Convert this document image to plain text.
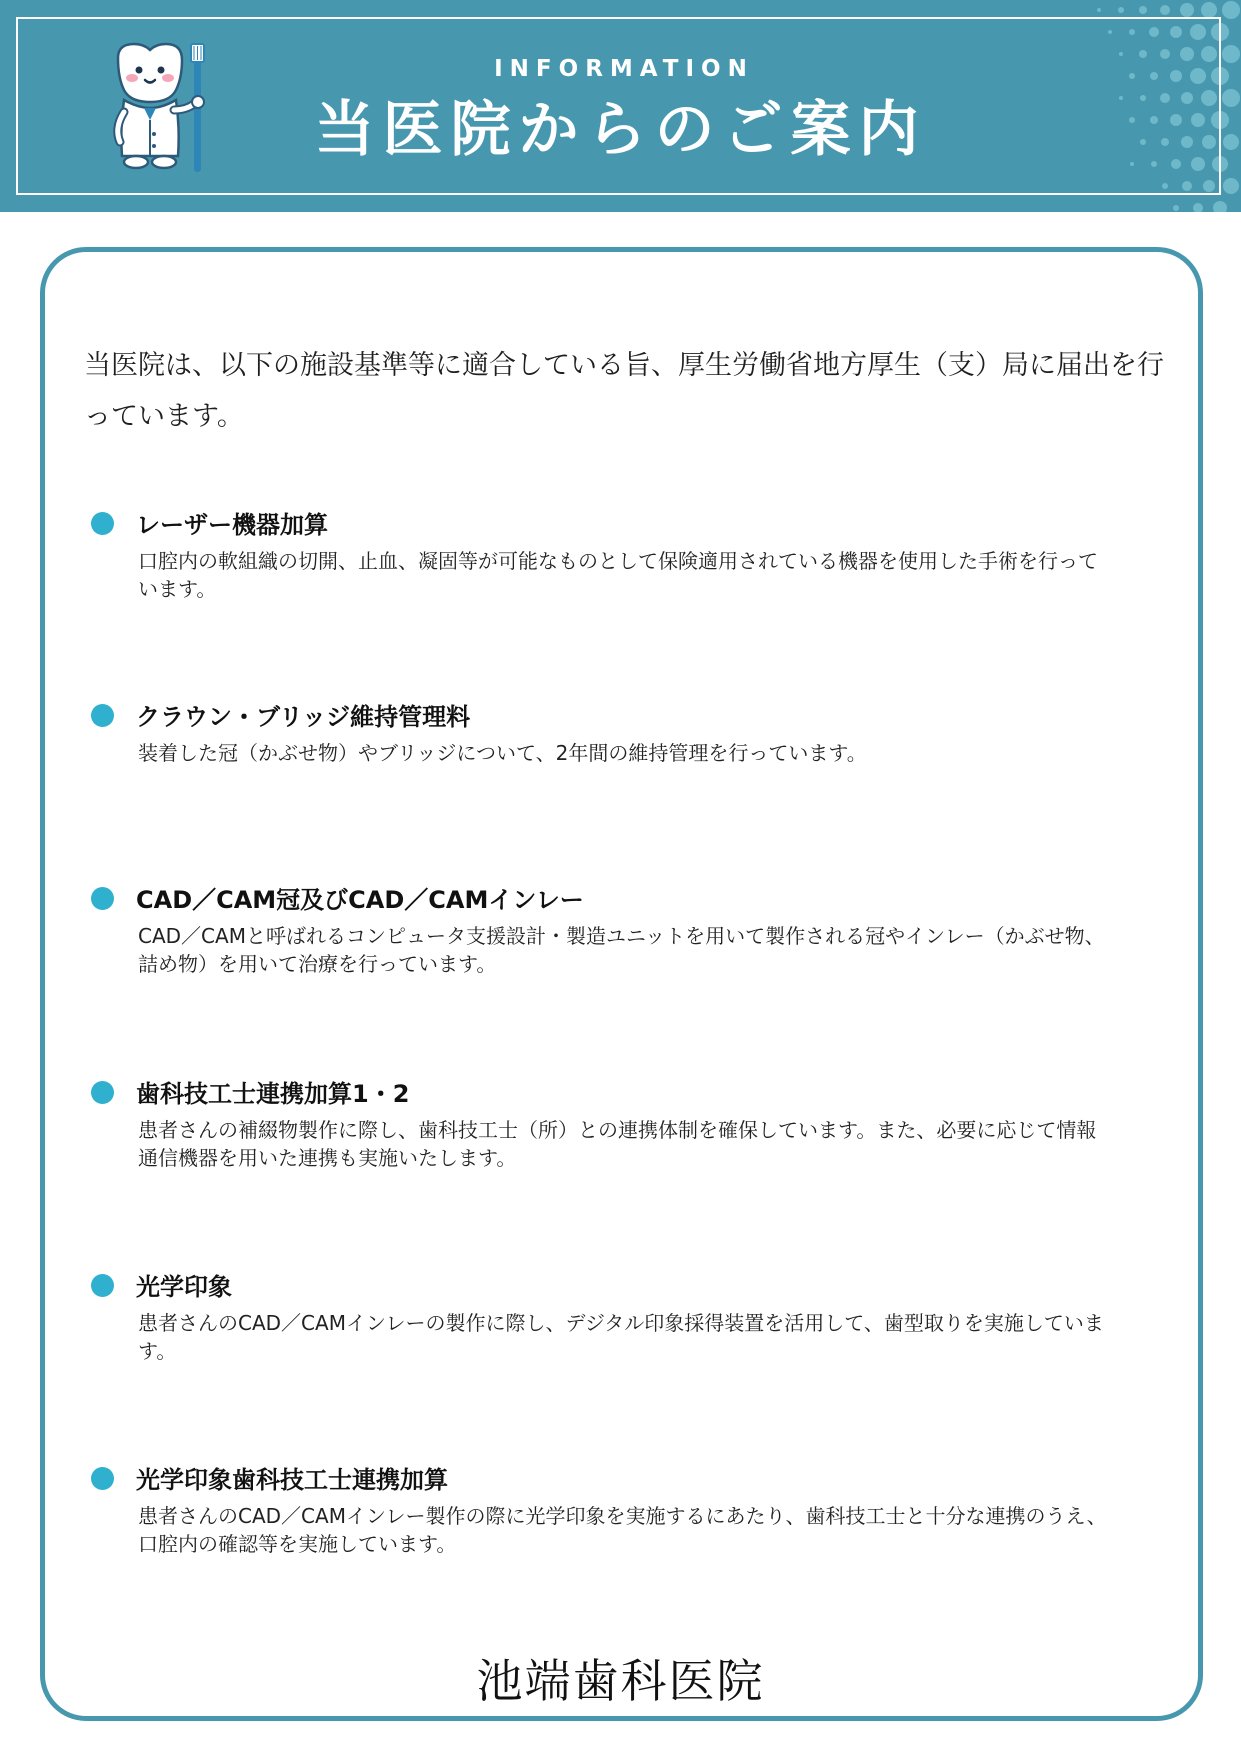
INFORMATION
当医院からのご案内
当医院は、以下の施設基準等に適合している旨、厚生労働省地方厚生（支）局に届出を行っています。
レーザー機器加算
口腔内の軟組織の切開、止血、凝固等が可能なものとして保険適用されている機器を使用した手術を行っています。
クラウン・ブリッジ維持管理料
装着した冠（かぶせ物）やブリッジについて、2年間の維持管理を行っています。
CAD／CAM冠及びCAD／CAMインレー
CAD／CAMと呼ばれるコンピュータ支援設計・製造ユニットを用いて製作される冠やインレー（かぶせ物、詰め物）を用いて治療を行っています。
歯科技工士連携加算1・2
患者さんの補綴物製作に際し、歯科技工士（所）との連携体制を確保しています。また、必要に応じて情報通信機器を用いた連携も実施いたします。
光学印象
患者さんのCAD／CAMインレーの製作に際し、デジタル印象採得装置を活用して、歯型取りを実施しています。
光学印象歯科技工士連携加算
患者さんのCAD／CAMインレー製作の際に光学印象を実施するにあたり、歯科技工士と十分な連携のうえ、口腔内の確認等を実施しています。
池端歯科医院
